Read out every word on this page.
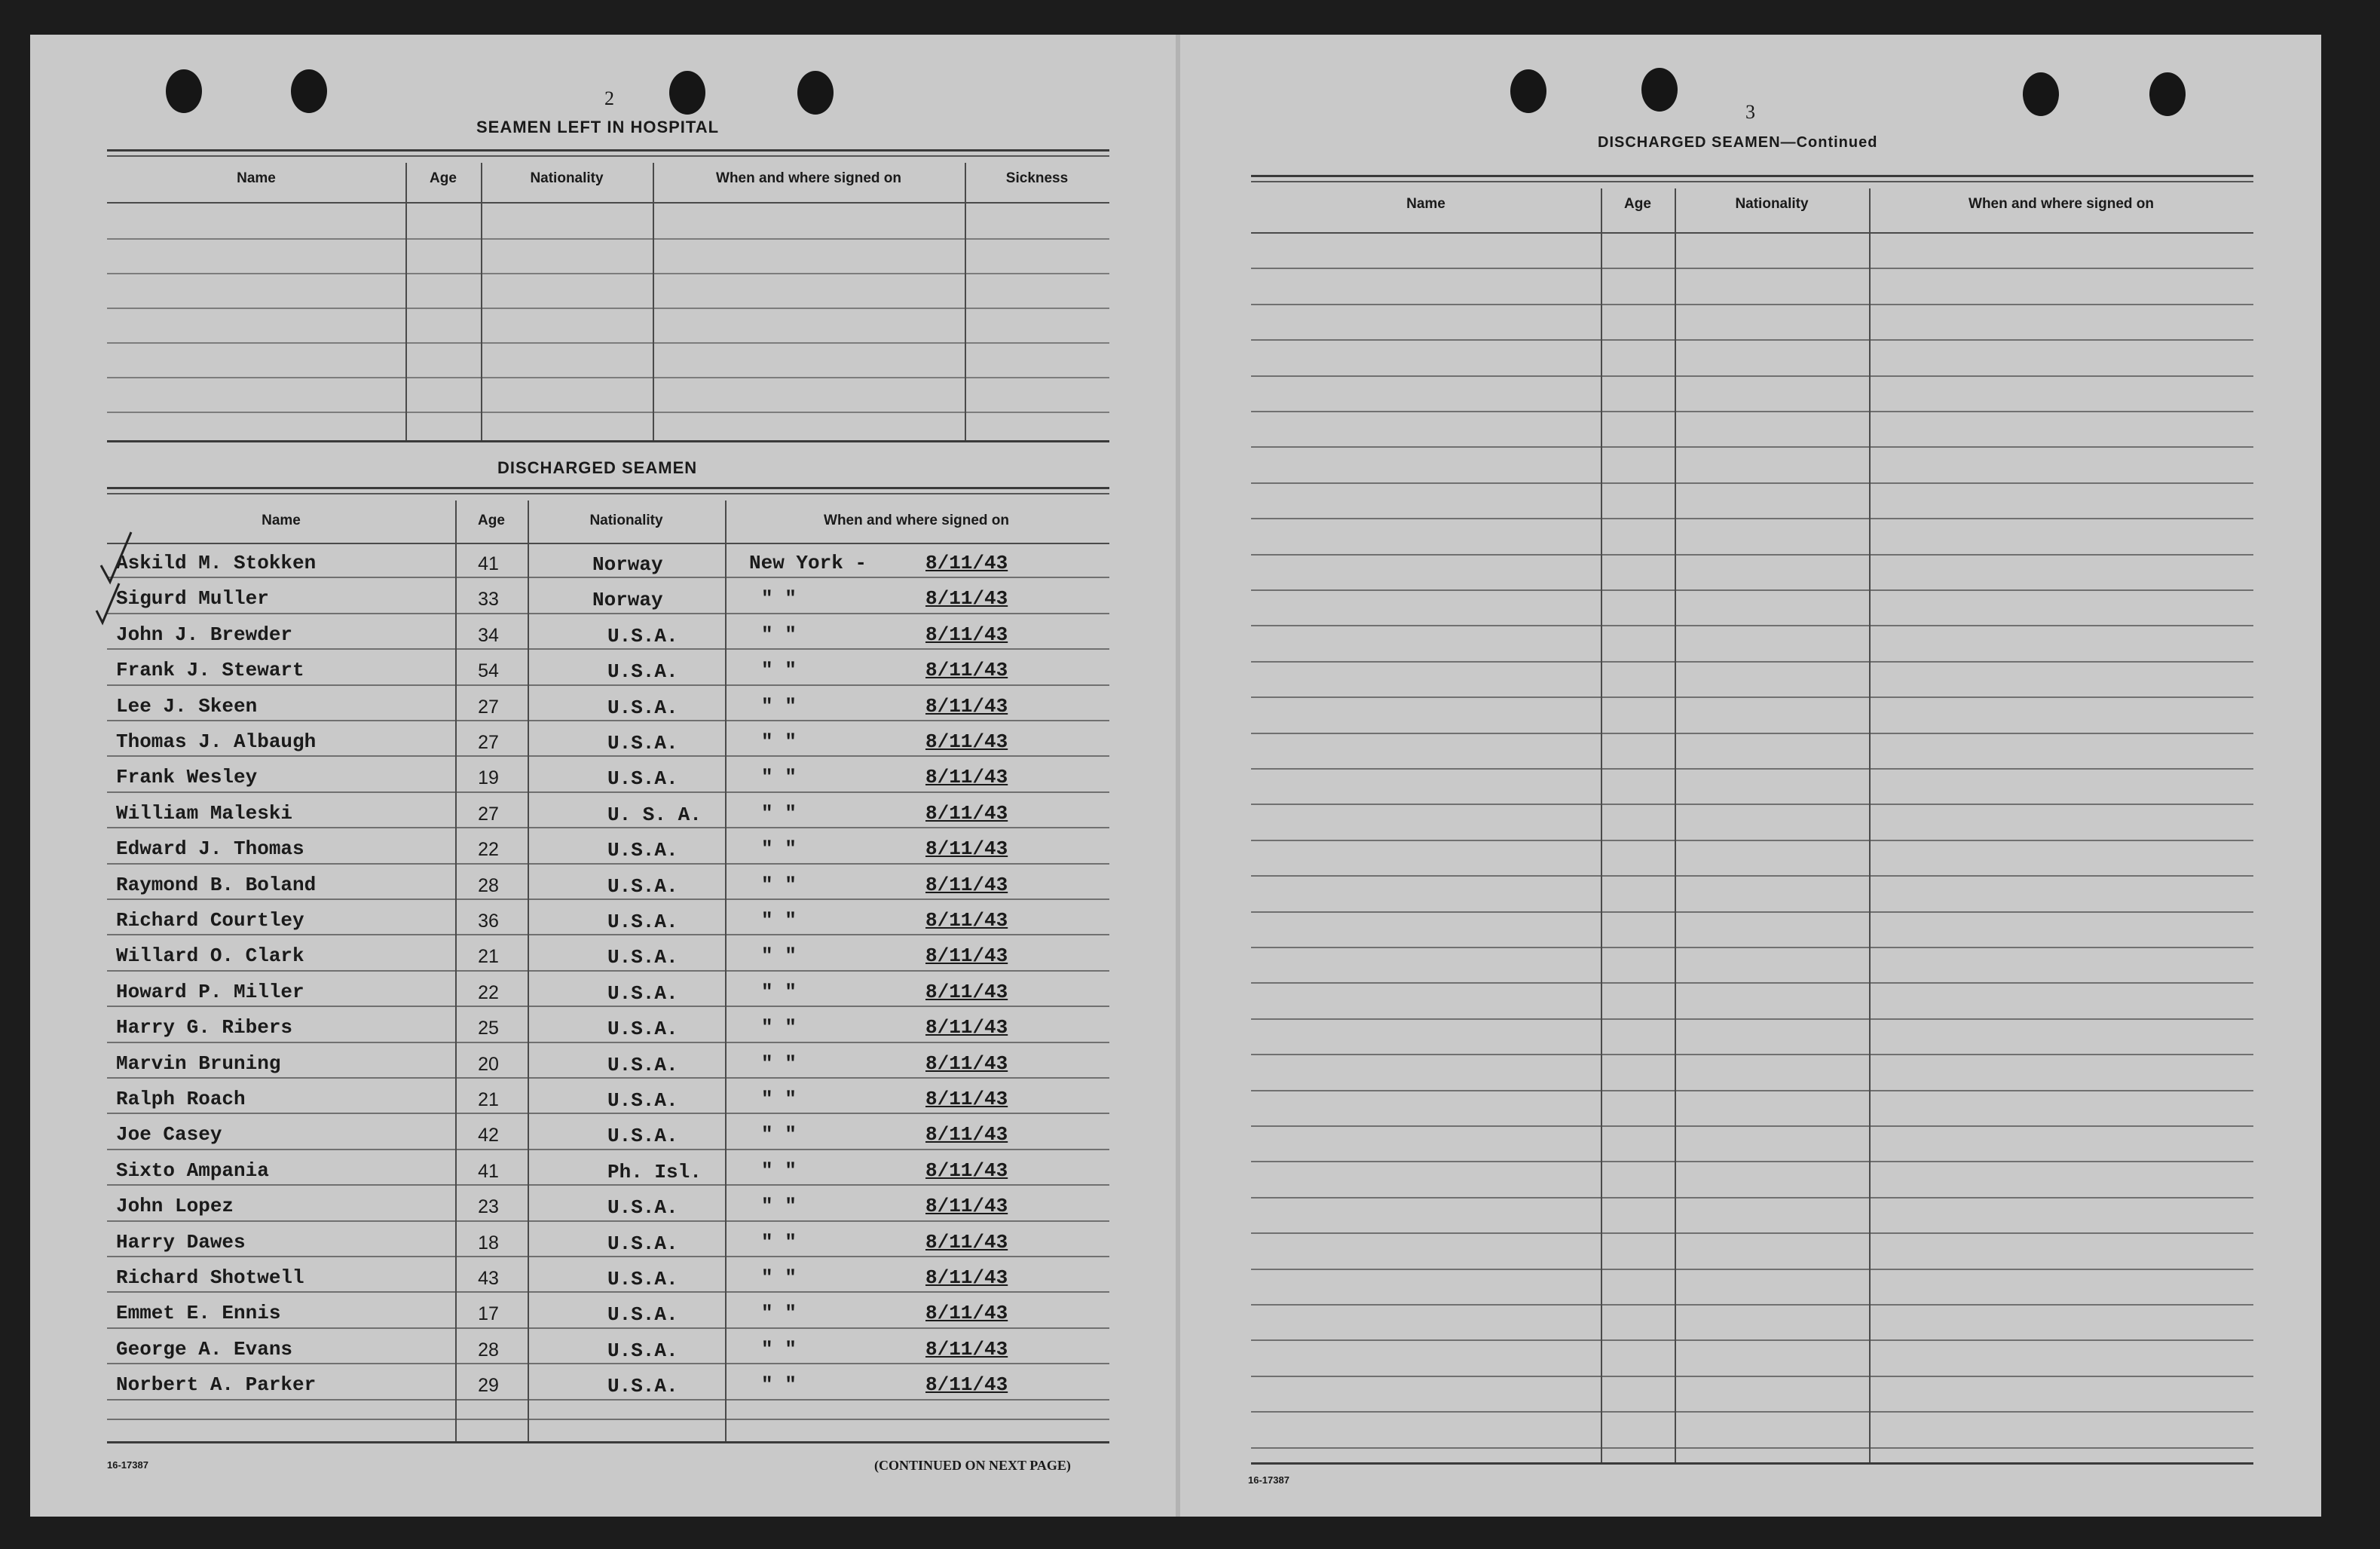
2
SEAMEN LEFT IN HOSPITAL
Name	Age	Nationality	When and where signed on	Sickness
DISCHARGED SEAMEN
Name	Age	Nationality	When and where signed on
Askild M. Stokken	41	Norway	New York -	8/11/43
Sigurd Muller	33	Norway	" "	8/11/43
John J. Brewder	34	U.S.A.	" "	8/11/43
Frank J. Stewart	54	U.S.A.	" "	8/11/43
Lee J. Skeen	27	U.S.A.	" "	8/11/43
Thomas J. Albaugh	27	U.S.A.	" "	8/11/43
Frank Wesley	19	U.S.A.	" "	8/11/43
William Maleski	27	U. S. A.	" "	8/11/43
Edward J. Thomas	22	U.S.A.	" "	8/11/43
Raymond B. Boland	28	U.S.A.	" "	8/11/43
Richard Courtley	36	U.S.A.	" "	8/11/43
Willard O. Clark	21	U.S.A.	" "	8/11/43
Howard P. Miller	22	U.S.A.	" "	8/11/43
Harry G. Ribers	25	U.S.A.	" "	8/11/43
Marvin Bruning	20	U.S.A.	" "	8/11/43
Ralph Roach	21	U.S.A.	" "	8/11/43
Joe Casey	42	U.S.A.	" "	8/11/43
Sixto Ampania	41	Ph. Isl.	" "	8/11/43
John Lopez	23	U.S.A.	" "	8/11/43
Harry Dawes	18	U.S.A.	" "	8/11/43
Richard Shotwell	43	U.S.A.	" "	8/11/43
Emmet E. Ennis	17	U.S.A.	" "	8/11/43
George A. Evans	28	U.S.A.	" "	8/11/43
Norbert A. Parker	29	U.S.A.	" "	8/11/43
16-17387	(CONTINUED ON NEXT PAGE)
3
DISCHARGED SEAMEN—Continued
Name	Age	Nationality	When and where signed on
16-17387
